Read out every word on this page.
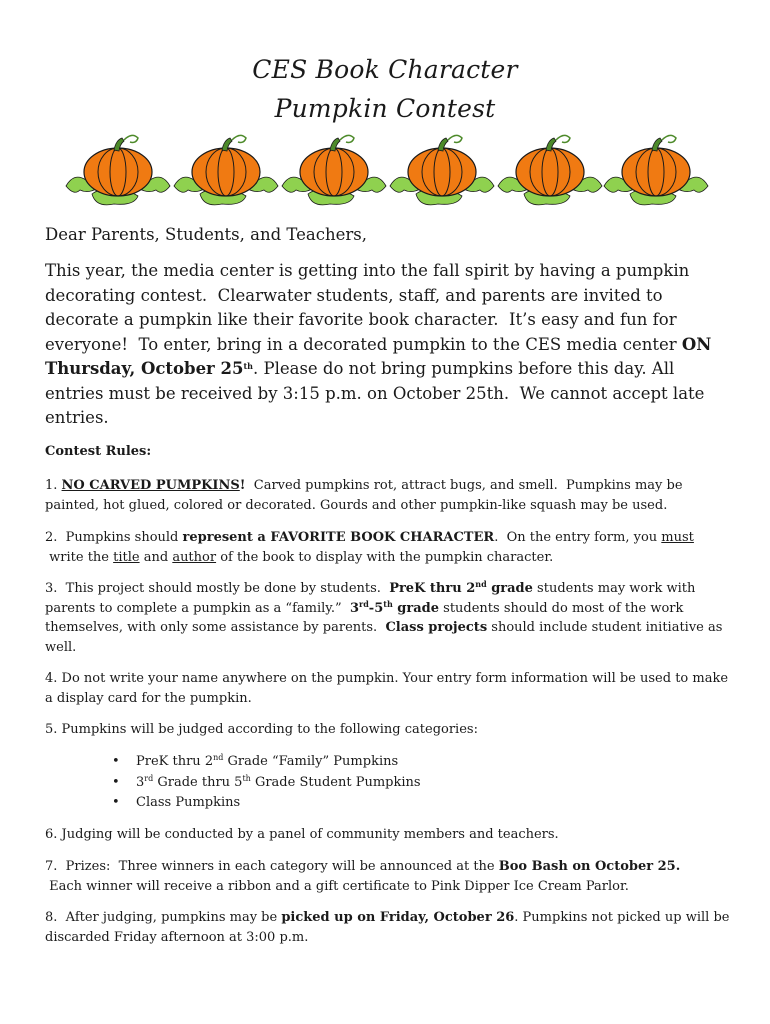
CES Book Character
Pumpkin Contest
Dear Parents, Students, and Teachers,
This year, the media center is getting into the fall spirit by having a pumpkin decorating contest.  Clearwater students, staff, and parents are invited to decorate a pumpkin like their favorite book character.  It’s easy and fun for everyone!  To enter, bring in a decorated pumpkin to the CES media center ON
Thursday, October 25th. Please do not bring pumpkins before this day. All entries must be received by 3:15 p.m. on October 25th.  We cannot accept late entries.
Contest Rules:
1. NO CARVED PUMPKINS!  Carved pumpkins rot, attract bugs, and smell.  Pumpkins may be painted, hot glued, colored or decorated. Gourds and other pumpkin-like squash may be used.
2.  Pumpkins should represent a FAVORITE BOOK CHARACTER.  On the entry form, you must
write the title and author of the book to display with the pumpkin character.
3.  This project should mostly be done by students.  PreK thru 2nd grade students may work with parents to complete a pumpkin as a “family.”  3rd-5th grade students should do most of the work themselves, with only some assistance by parents.  Class projects should include student initiative as well.
4. Do not write your name anywhere on the pumpkin. Your entry form information will be used to make a display card for the pumpkin.
5. Pumpkins will be judged according to the following categories:
• PreK thru 2nd Grade “Family” Pumpkins
• 3rd Grade thru 5th Grade Student Pumpkins
• Class Pumpkins
6. Judging will be conducted by a panel of community members and teachers.
7.  Prizes:  Three winners in each category will be announced at the Boo Bash on October 25.
Each winner will receive a ribbon and a gift certificate to Pink Dipper Ice Cream Parlor.
8.  After judging, pumpkins may be picked up on Friday, October 26. Pumpkins not picked up will be discarded Friday afternoon at 3:00 p.m.
